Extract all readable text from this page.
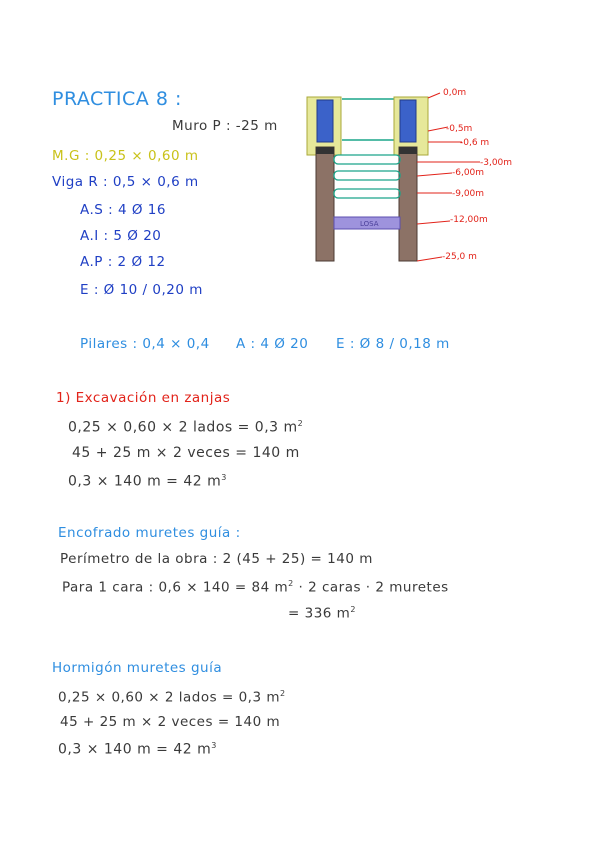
PRACTICA 8 :
Muro P : -25 m
M.G : 0,25 × 0,60 m
Viga R : 0,5 × 0,6 m
A.S : 4 Ø 16
A.I : 5 Ø 20
A.P : 2 Ø 12
E : Ø 10 / 0,20 m
Pilares : 0,4 × 0,4 A : 4 Ø 20 E : Ø 8 / 0,18 m
LOSA
0,0m
-0,5m
-0,6 m
-3,00m
-6,00m
-9,00m
-12,00m
-25,0 m
1) Excavación en zanjas
0,25 × 0,60 × 2 lados = 0,3 $m^2$
45 + 25 m × 2 veces = 140 m
0,3 × 140 m = 42 $m^3$
Encofrado muretes guía :
Perímetro de la obra : 2 (45 + 25) = 140 m
Para 1 cara : 0,6 × 140 = 84 $m^2 \cdot 2$ caras · 2 muretes
= 336 $m^2$
Hormigón muretes guía
0,25 × 0,60 × 2 lados = 0,3 $m^2$
45 + 25 m × 2 veces = 140 m
0,3 × 140 m = 42 $m^3$
